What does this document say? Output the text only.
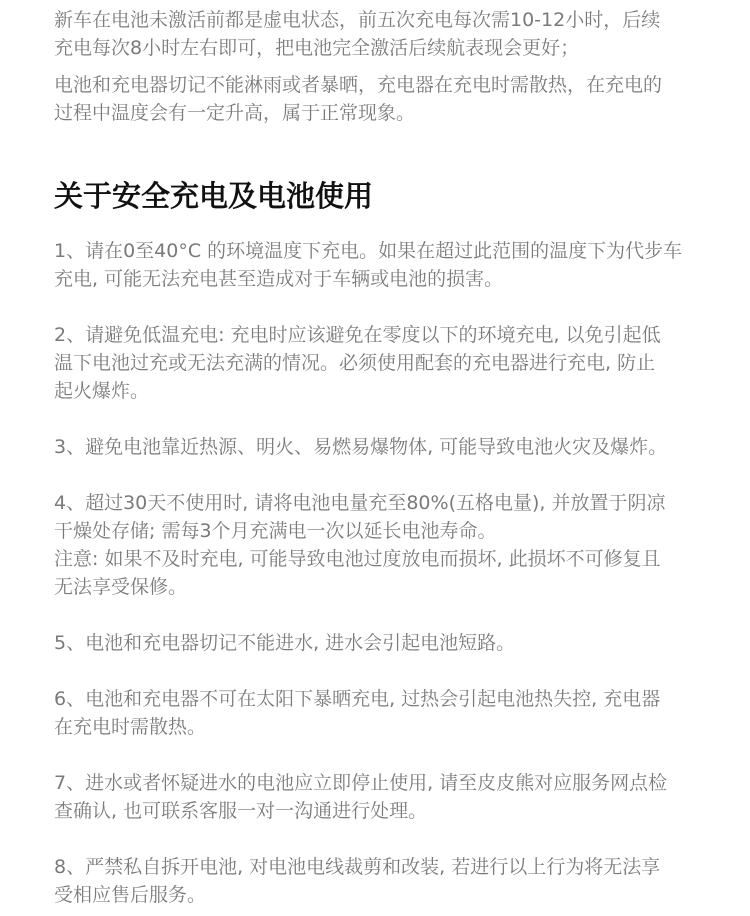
新车在电池未激活前都是虚电状态，前五次充电每次需10-12小时，后续
充电每次8小时左右即可，把电池完全激活后续航表现会更好；

电池和充电器切记不能淋雨或者暴晒，充电器在充电时需散热，在充电的
过程中温度会有一定升高，属于正常现象。

关于安全充电及电池使用

1、请在0至40°C 的环境温度下充电。如果在超过此范围的温度下为代步车
充电, 可能无法充电甚至造成对于车辆或电池的损害。

2、请避免低温充电: 充电时应该避免在零度以下的环境充电, 以免引起低
温下电池过充或无法充满的情况。必须使用配套的充电器进行充电, 防止
起火爆炸。

3、避免电池靠近热源、明火、易燃易爆物体, 可能导致电池火灾及爆炸。

4、超过30天不使用时, 请将电池电量充至80%(五格电量), 并放置于阴凉
干燥处存储; 需每3个月充满电一次以延长电池寿命。
注意: 如果不及时充电, 可能导致电池过度放电而损坏, 此损坏不可修复且
无法享受保修。

5、电池和充电器切记不能进水, 进水会引起电池短路。

6、电池和充电器不可在太阳下暴晒充电, 过热会引起电池热失控, 充电器
在充电时需散热。

7、进水或者怀疑进水的电池应立即停止使用, 请至皮皮熊对应服务网点检
查确认, 也可联系客服一对一沟通进行处理。

8、严禁私自拆开电池, 对电池电线裁剪和改装, 若进行以上行为将无法享
受相应售后服务。
